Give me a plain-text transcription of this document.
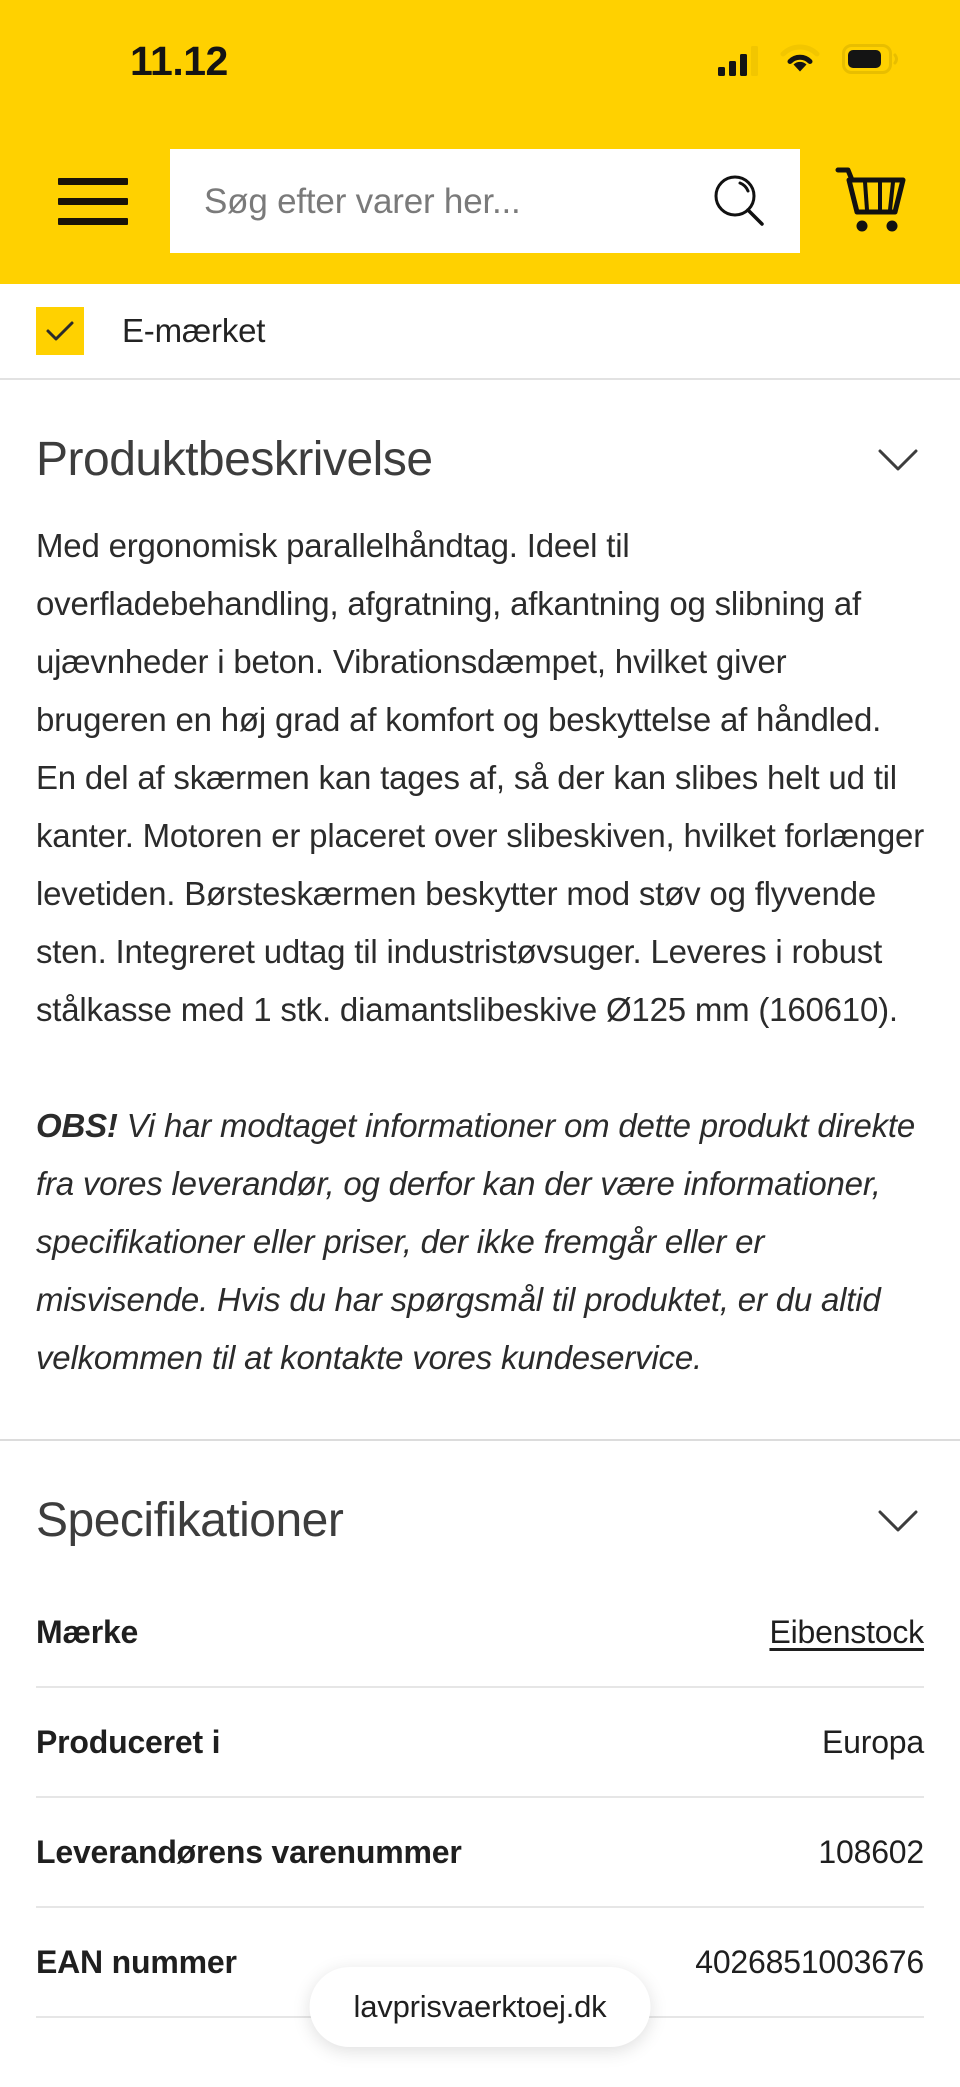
11.12
Søg efter varer her...
E-mærket
Produktbeskrivelse

Med ergonomisk parallelhåndtag. Ideel til overfladebehandling, afgratning, afkantning og slibning af ujævnheder i beton. Vibrationsdæmpet, hvilket giver brugeren en høj grad af komfort og beskyttelse af håndled. En del af skærmen kan tages af, så der kan slibes helt ud til kanter. Motoren er placeret over slibeskiven, hvilket forlænger levetiden. Børsteskærmen beskytter mod støv og flyvende sten. Integreret udtag til industristøvsuger. Leveres i robust stålkasse med 1 stk. diamantslibeskive Ø125 mm (160610).

OBS! Vi har modtaget informationer om dette produkt direkte fra vores leverandør, og derfor kan der være informationer, specifikationer eller priser, der ikke fremgår eller er misvisende. Hvis du har spørgsmål til produktet, er du altid velkommen til at kontakte vores kundeservice.

Specifikationer
Mærke	Eibenstock
Produceret i	Europa
Leverandørens varenummer	108602
EAN nummer	4026851003676
lavprisvaerktoej.dk
